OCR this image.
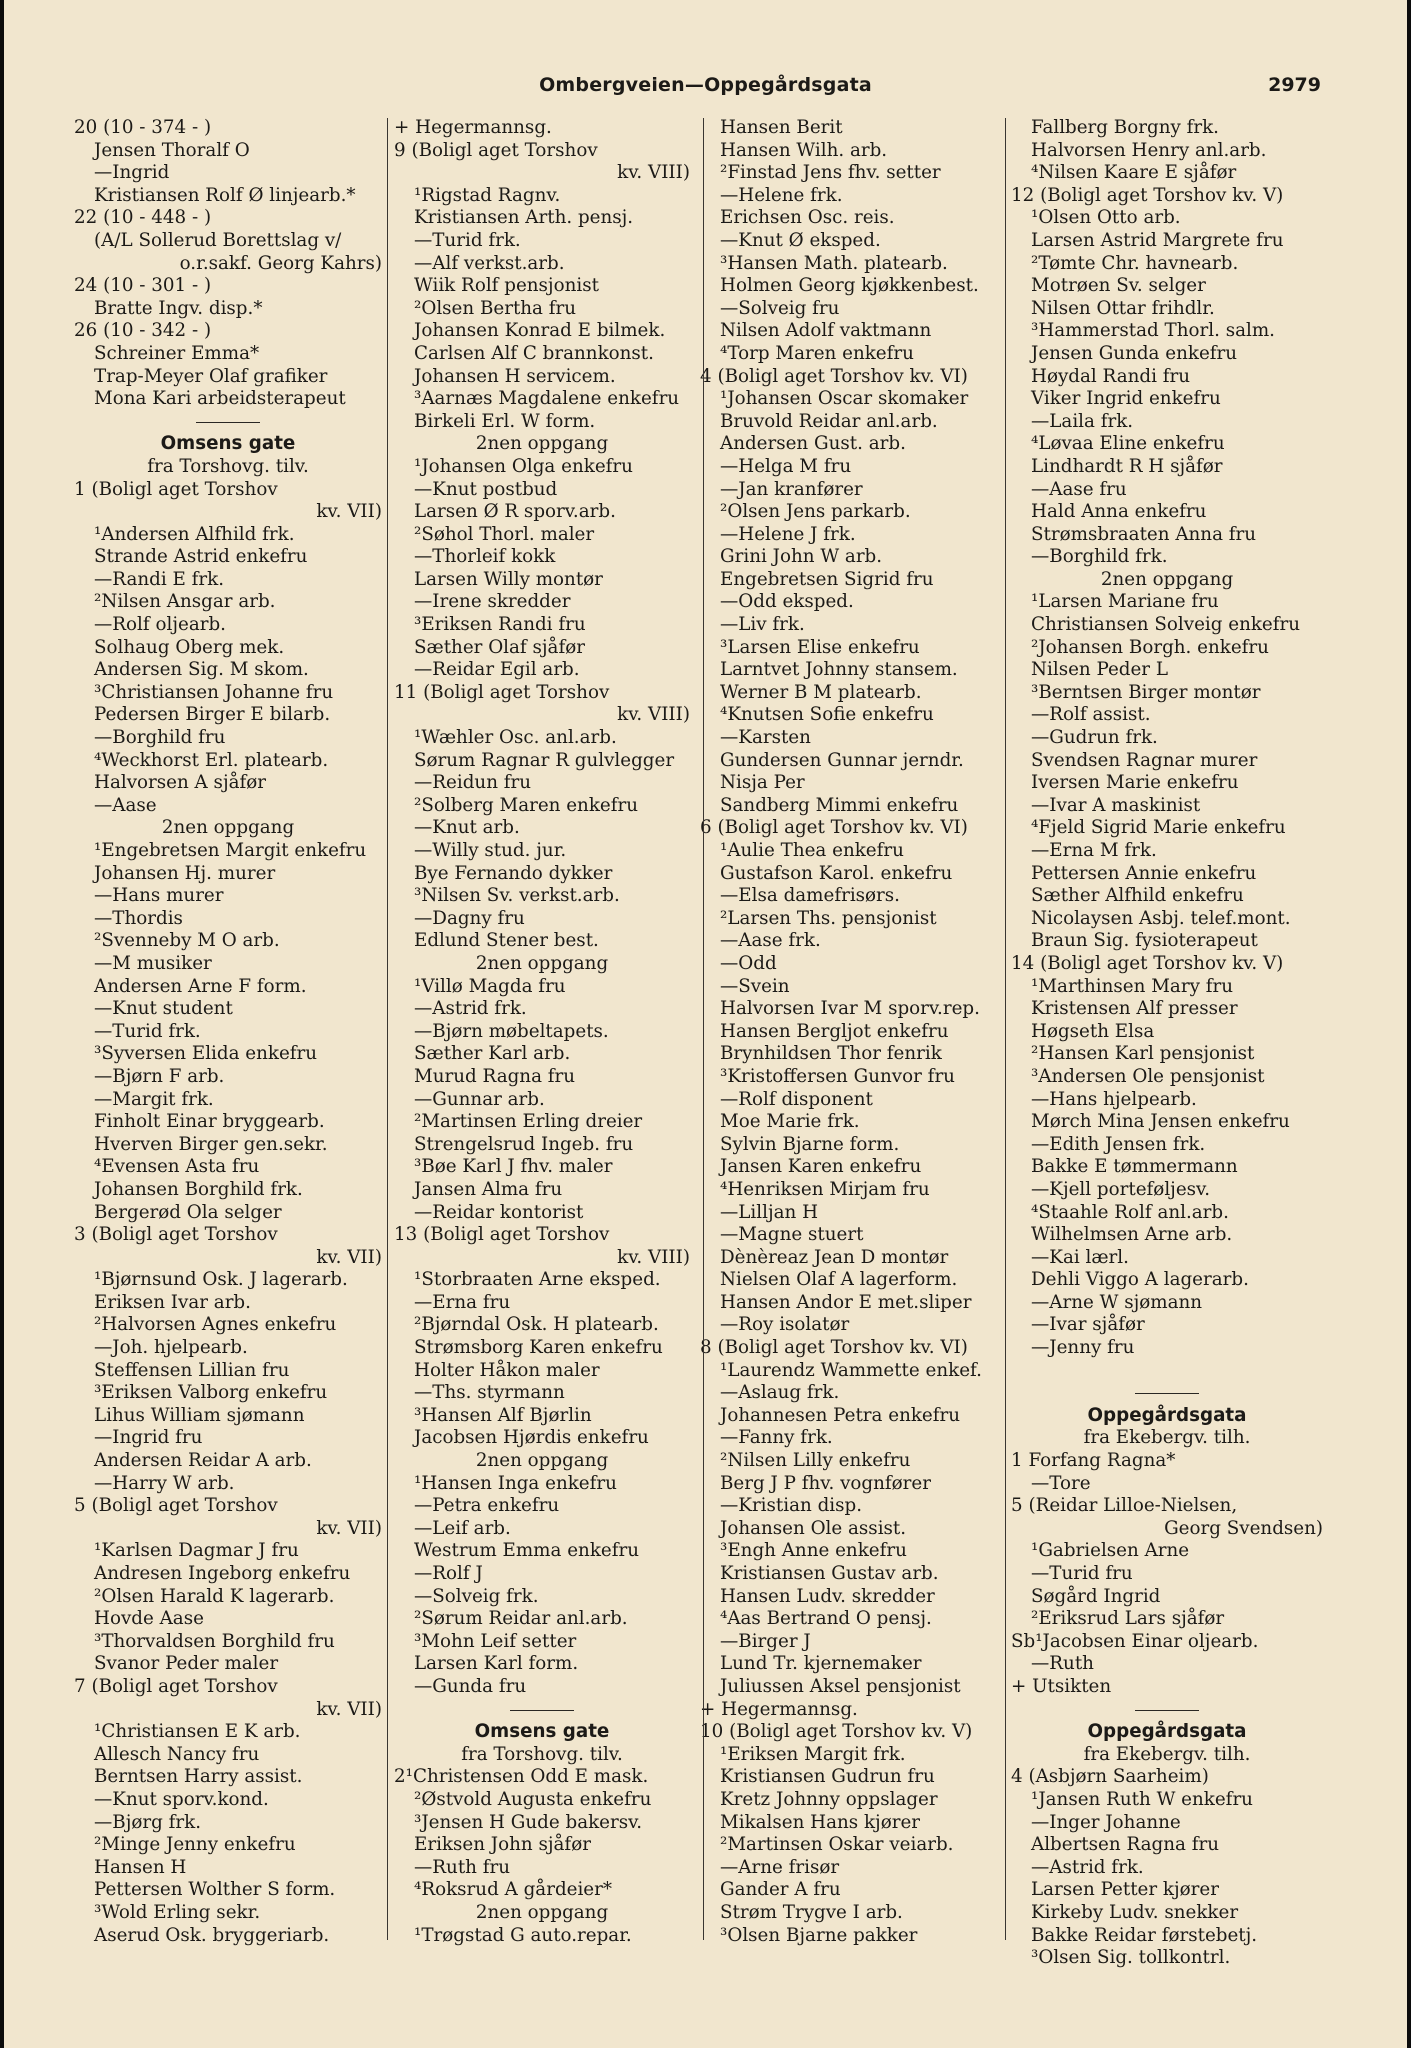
Ombergveien—Oppegårdsgata	2979
20 (10 - 374 - )
Jensen Thoralf O
—Ingrid
Kristiansen Rolf Ø linjearb.*
22 (10 - 448 - )
(A/L Sollerud Borettslag v/
o.r.sakf. Georg Kahrs)
24 (10 - 301 - )
Bratte Ingv. disp.*
26 (10 - 342 - )
Schreiner Emma*
Trap-Meyer Olaf grafiker
Mona Kari arbeidsterapeut
Omsens gate
fra Torshovg. tilv.
1 (Boligl aget Torshov
kv. VII)
¹Andersen Alfhild frk.
Strande Astrid enkefru
—Randi E frk.
²Nilsen Ansgar arb.
—Rolf oljearb.
Solhaug Oberg mek.
Andersen Sig. M skom.
³Christiansen Johanne fru
Pedersen Birger E bilarb.
—Borghild fru
⁴Weckhorst Erl. platearb.
Halvorsen A sjåfør
—Aase
2nen oppgang
¹Engebretsen Margit enkefru
Johansen Hj. murer
—Hans murer
—Thordis
²Svenneby M O arb.
—M musiker
Andersen Arne F form.
—Knut student
—Turid frk.
³Syversen Elida enkefru
—Bjørn F arb.
—Margit frk.
Finholt Einar bryggearb.
Hverven Birger gen.sekr.
⁴Evensen Asta fru
Johansen Borghild frk.
Bergerød Ola selger
3 (Boligl aget Torshov
kv. VII)
¹Bjørnsund Osk. J lagerarb.
Eriksen Ivar arb.
²Halvorsen Agnes enkefru
—Joh. hjelpearb.
Steffensen Lillian fru
³Eriksen Valborg enkefru
Lihus William sjømann
—Ingrid fru
Andersen Reidar A arb.
—Harry W arb.
5 (Boligl aget Torshov
kv. VII)
¹Karlsen Dagmar J fru
Andresen Ingeborg enkefru
²Olsen Harald K lagerarb.
Hovde Aase
³Thorvaldsen Borghild fru
Svanor Peder maler
7 (Boligl aget Torshov
kv. VII)
¹Christiansen E K arb.
Allesch Nancy fru
Berntsen Harry assist.
—Knut sporv.kond.
—Bjørg frk.
²Minge Jenny enkefru
Hansen H
Pettersen Wolther S form.
³Wold Erling sekr.
Aserud Osk. bryggeriarb.
+ Hegermannsg.
9 (Boligl aget Torshov
kv. VIII)
¹Rigstad Ragnv.
Kristiansen Arth. pensj.
—Turid frk.
—Alf verkst.arb.
Wiik Rolf pensjonist
²Olsen Bertha fru
Johansen Konrad E bilmek.
Carlsen Alf C brannkonst.
Johansen H servicem.
³Aarnæs Magdalene enkefru
Birkeli Erl. W form.
2nen oppgang
¹Johansen Olga enkefru
—Knut postbud
Larsen Ø R sporv.arb.
²Søhol Thorl. maler
—Thorleif kokk
Larsen Willy montør
—Irene skredder
³Eriksen Randi fru
Sæther Olaf sjåfør
—Reidar Egil arb.
11 (Boligl aget Torshov
kv. VIII)
¹Wæhler Osc. anl.arb.
Sørum Ragnar R gulvlegger
—Reidun fru
²Solberg Maren enkefru
—Knut arb.
—Willy stud. jur.
Bye Fernando dykker
³Nilsen Sv. verkst.arb.
—Dagny fru
Edlund Stener best.
2nen oppgang
¹Villø Magda fru
—Astrid frk.
—Bjørn møbeltapets.
Sæther Karl arb.
Murud Ragna fru
—Gunnar arb.
²Martinsen Erling dreier
Strengelsrud Ingeb. fru
³Bøe Karl J fhv. maler
Jansen Alma fru
—Reidar kontorist
13 (Boligl aget Torshov
kv. VIII)
¹Storbraaten Arne eksped.
—Erna fru
²Bjørndal Osk. H platearb.
Strømsborg Karen enkefru
Holter Håkon maler
—Ths. styrmann
³Hansen Alf Bjørlin
Jacobsen Hjørdis enkefru
2nen oppgang
¹Hansen Inga enkefru
—Petra enkefru
—Leif arb.
Westrum Emma enkefru
—Rolf J
—Solveig frk.
²Sørum Reidar anl.arb.
³Mohn Leif setter
Larsen Karl form.
—Gunda fru
Omsens gate
fra Torshovg. tilv.
2¹Christensen Odd E mask.
²Østvold Augusta enkefru
³Jensen H Gude bakersv.
Eriksen John sjåfør
—Ruth fru
⁴Roksrud A gårdeier*
2nen oppgang
¹Trøgstad G auto.repar.
Hansen Berit
Hansen Wilh. arb.
²Finstad Jens fhv. setter
—Helene frk.
Erichsen Osc. reis.
—Knut Ø eksped.
³Hansen Math. platearb.
Holmen Georg kjøkkenbest.
—Solveig fru
Nilsen Adolf vaktmann
⁴Torp Maren enkefru
4 (Boligl aget Torshov kv. VI)
¹Johansen Oscar skomaker
Bruvold Reidar anl.arb.
Andersen Gust. arb.
—Helga M fru
—Jan kranfører
²Olsen Jens parkarb.
—Helene J frk.
Grini John W arb.
Engebretsen Sigrid fru
—Odd eksped.
—Liv frk.
³Larsen Elise enkefru
Larntvet Johnny stansem.
Werner B M platearb.
⁴Knutsen Sofie enkefru
—Karsten
Gundersen Gunnar jerndr.
Nisja Per
Sandberg Mimmi enkefru
6 (Boligl aget Torshov kv. VI)
¹Aulie Thea enkefru
Gustafson Karol. enkefru
—Elsa damefrisørs.
²Larsen Ths. pensjonist
—Aase frk.
—Odd
—Svein
Halvorsen Ivar M sporv.rep.
Hansen Bergljot enkefru
Brynhildsen Thor fenrik
³Kristoffersen Gunvor fru
—Rolf disponent
Moe Marie frk.
Sylvin Bjarne form.
Jansen Karen enkefru
⁴Henriksen Mirjam fru
—Lilljan H
—Magne stuert
Dènèreaz Jean D montør
Nielsen Olaf A lagerform.
Hansen Andor E met.sliper
—Roy isolatør
8 (Boligl aget Torshov kv. VI)
¹Laurendz Wammette enkef.
—Aslaug frk.
Johannesen Petra enkefru
—Fanny frk.
²Nilsen Lilly enkefru
Berg J P fhv. vognfører
—Kristian disp.
Johansen Ole assist.
³Engh Anne enkefru
Kristiansen Gustav arb.
Hansen Ludv. skredder
⁴Aas Bertrand O pensj.
—Birger J
Lund Tr. kjernemaker
Juliussen Aksel pensjonist
+ Hegermannsg.
10 (Boligl aget Torshov kv. V)
¹Eriksen Margit frk.
Kristiansen Gudrun fru
Kretz Johnny oppslager
Mikalsen Hans kjører
²Martinsen Oskar veiarb.
—Arne frisør
Gander A fru
Strøm Trygve I arb.
³Olsen Bjarne pakker
Fallberg Borgny frk.
Halvorsen Henry anl.arb.
⁴Nilsen Kaare E sjåfør
12 (Boligl aget Torshov kv. V)
¹Olsen Otto arb.
Larsen Astrid Margrete fru
²Tømte Chr. havnearb.
Motrøen Sv. selger
Nilsen Ottar frihdlr.
³Hammerstad Thorl. salm.
Jensen Gunda enkefru
Høydal Randi fru
Viker Ingrid enkefru
—Laila frk.
⁴Løvaa Eline enkefru
Lindhardt R H sjåfør
—Aase fru
Hald Anna enkefru
Strømsbraaten Anna fru
—Borghild frk.
2nen oppgang
¹Larsen Mariane fru
Christiansen Solveig enkefru
²Johansen Borgh. enkefru
Nilsen Peder L
³Berntsen Birger montør
—Rolf assist.
—Gudrun frk.
Svendsen Ragnar murer
Iversen Marie enkefru
—Ivar A maskinist
⁴Fjeld Sigrid Marie enkefru
—Erna M frk.
Pettersen Annie enkefru
Sæther Alfhild enkefru
Nicolaysen Asbj. telef.mont.
Braun Sig. fysioterapeut
14 (Boligl aget Torshov kv. V)
¹Marthinsen Mary fru
Kristensen Alf presser
Høgseth Elsa
²Hansen Karl pensjonist
³Andersen Ole pensjonist
—Hans hjelpearb.
Mørch Mina Jensen enkefru
—Edith Jensen frk.
Bakke E tømmermann
—Kjell porteføljesv.
⁴Staahle Rolf anl.arb.
Wilhelmsen Arne arb.
—Kai lærl.
Dehli Viggo A lagerarb.
—Arne W sjømann
—Ivar sjåfør
—Jenny fru
Oppegårdsgata
fra Ekebergv. tilh.
1 Forfang Ragna*
—Tore
5 (Reidar Lilloe-Nielsen,
Georg Svendsen)
¹Gabrielsen Arne
—Turid fru
Søgård Ingrid
²Eriksrud Lars sjåfør
Sb¹Jacobsen Einar oljearb.
—Ruth
+ Utsikten
Oppegårdsgata
fra Ekebergv. tilh.
4 (Asbjørn Saarheim)
¹Jansen Ruth W enkefru
—Inger Johanne
Albertsen Ragna fru
—Astrid frk.
Larsen Petter kjører
Kirkeby Ludv. snekker
Bakke Reidar førstebetj.
³Olsen Sig. tollkontrl.
